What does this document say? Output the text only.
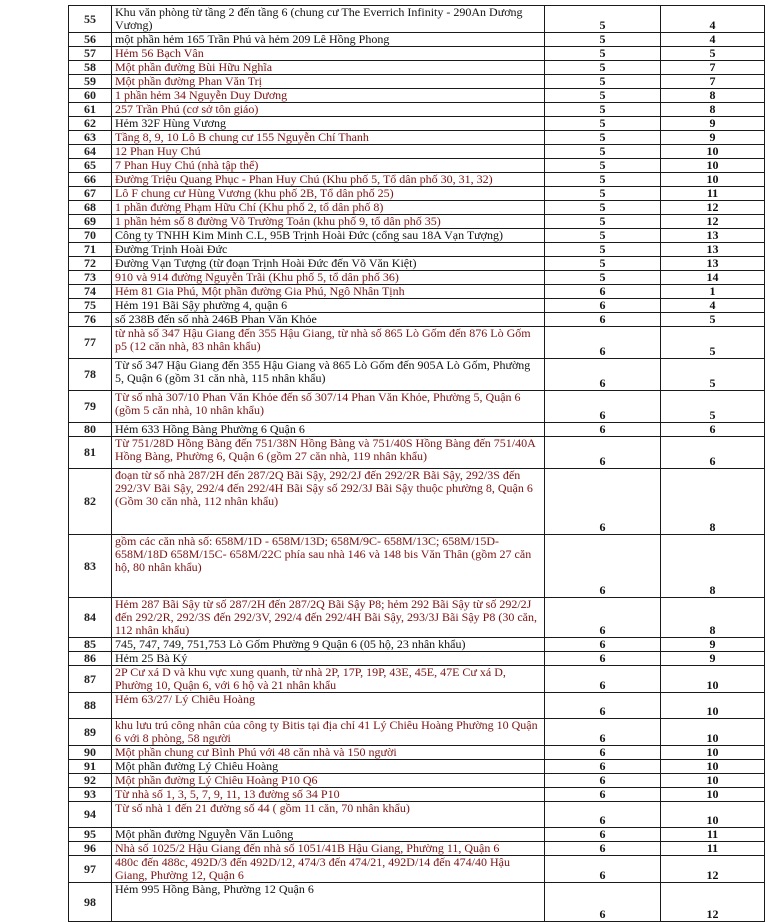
55	Khu văn phòng từ tầng 2 đến tầng 6 (chung cư The Everrich Infinity - 290An Dương Vương)	5	4
56	một phần hẻm 165 Trần Phú và hẻm 209 Lê Hồng Phong	5	4
57	Hẻm 56 Bạch Vân	5	5
58	Một phần đường Bùi Hữu Nghĩa	5	7
59	Một phần đường Phan Văn Trị	5	7
60	1 phần hẻm 34 Nguyễn Duy Dương	5	8
61	257 Trần Phú (cơ sở tôn giáo)	5	8
62	Hẻm 32F Hùng Vương	5	9
63	Tầng 8, 9, 10 Lô B chung cư 155 Nguyễn Chí Thanh	5	9
64	12 Phan Huy Chú	5	10
65	7 Phan Huy Chú (nhà tập thể)	5	10
66	Đường Triệu Quang Phục - Phan Huy Chú (Khu phố 5, Tổ dân phố 30, 31, 32)	5	10
67	Lô F chung cư Hùng Vương (khu phố 2B, Tổ dân phố 25)	5	11
68	1 phần đường Phạm Hữu Chí (Khu phố 2, tổ dân phố 8)	5	12
69	1 phần hẻm số 8 đường Võ Trường Toản (khu phố 9, tổ dân phố 35)	5	12
70	Công ty TNHH Kim Minh C.L, 95B Trịnh Hoài Đức (cổng sau 18A Vạn Tượng)	5	13
71	Đường Trịnh Hoài Đức	5	13
72	Đường Vạn Tượng (từ đoạn Trịnh Hoài Đức đến Võ Văn Kiệt)	5	13
73	910 và 914 đường Nguyễn Trãi (Khu phố 5, tổ dân phố 36)	5	14
74	Hẻm 81 Gia Phú, Một phần đường Gia Phú, Ngô Nhân Tịnh	6	1
75	Hẻm 191 Bãi Sậy phường 4, quận 6	6	4
76	số 238B đến số nhà 246B Phan Văn Khỏe	6	5
77	từ nhà số 347 Hậu Giang đến 355 Hậu Giang, từ nhà số 865 Lò Gốm đến 876 Lò Gốm p5 (12 căn nhà, 83 nhân khẩu)	6	5
78	Từ số 347 Hậu Giang đến 355 Hậu Giang và 865 Lò Gốm đến 905A Lò Gốm, Phường 5, Quận 6 (gồm 31 căn nhà, 115 nhân khẩu)	6	5
79	Từ số nhà 307/10 Phan Văn Khỏe đến số 307/14 Phan Văn Khỏe, Phường 5, Quận 6 (gồm 5 căn nhà, 10 nhân khẩu)	6	5
80	Hẻm 633 Hồng Bàng Phường 6 Quận 6	6	6
81	Từ 751/28D Hồng Bàng đến 751/38N Hồng Bàng và 751/40S Hồng Bàng đến 751/40A Hồng Bàng, Phường 6, Quận 6 (gồm 27 căn nhà, 119 nhân khẩu)	6	6
82	đoạn từ số nhà 287/2H đến 287/2Q Bãi Sậy, 292/2J đến 292/2R Bãi Sậy, 292/3S đến 292/3V Bãi Sậy, 292/4 đến 292/4H Bãi Sậy số 292/3J Bãi Sậy thuộc phường 8, Quận 6 (Gồm 30 căn nhà, 112 nhân khẩu)	6	8
83	gồm các căn nhà số: 658M/1D - 658M/13D; 658M/9C- 658M/13C; 658M/15D- 658M/18D 658M/15C- 658M/22C phía sau nhà 146 và 148 bis Văn Thân (gồm 27 căn hộ, 80 nhân khẩu)	6	8
84	Hẻm 287 Bãi Sậy từ số 287/2H đến 287/2Q Bãi Sậy P8; hẻm 292 Bãi Sậy từ số 292/2J đến 292/2R, 292/3S đến 292/3V, 292/4 đến 292/4H Bãi Sậy, 293/3J Bãi Sậy P8 (30 căn, 112 nhân khẩu)	6	8
85	745, 747, 749, 751,753 Lò Gốm Phường 9 Quận 6 (05 hộ, 23 nhân khẩu)	6	9
86	Hẻm 25 Bà Ký	6	9
87	2P Cư xá D và khu vực xung quanh, từ nhà 2P, 17P, 19P, 43E, 45E, 47E Cư xá D, Phường 10, Quận 6, với 6 hộ và 21 nhân khẩu	6	10
88	Hẻm 63/27/ Lý Chiêu Hoàng	6	10
89	khu lưu trú công nhân của công ty Bitis tại địa chỉ 41 Lý Chiêu Hoàng Phường 10 Quận 6 với 8 phòng, 58 người	6	10
90	Một phần chung cư Bình Phú với 48 căn nhà và 150 người	6	10
91	Một phần đường Lý Chiêu Hoàng	6	10
92	Một phần đường Lý Chiêu Hoàng P10 Q6	6	10
93	Từ nhà số 1, 3, 5, 7, 9, 11, 13 đường số 34 P10	6	10
94	Từ số nhà 1 đến 21 đường số 44 ( gồm 11 căn, 70 nhân khẩu)	6	10
95	Một phần đường Nguyễn Văn Luông	6	11
96	Nhà số 1025/2 Hậu Giang đến nhà số 1051/41B Hậu Giang, Phường 11, Quận 6	6	11
97	480c đến 488c, 492D/3 đến 492D/12, 474/3 đến 474/21, 492D/14 đến 474/40 Hậu Giang, Phường 12, Quận 6	6	12
98	Hẻm 995 Hồng Bàng, Phường 12 Quận 6	6	12
